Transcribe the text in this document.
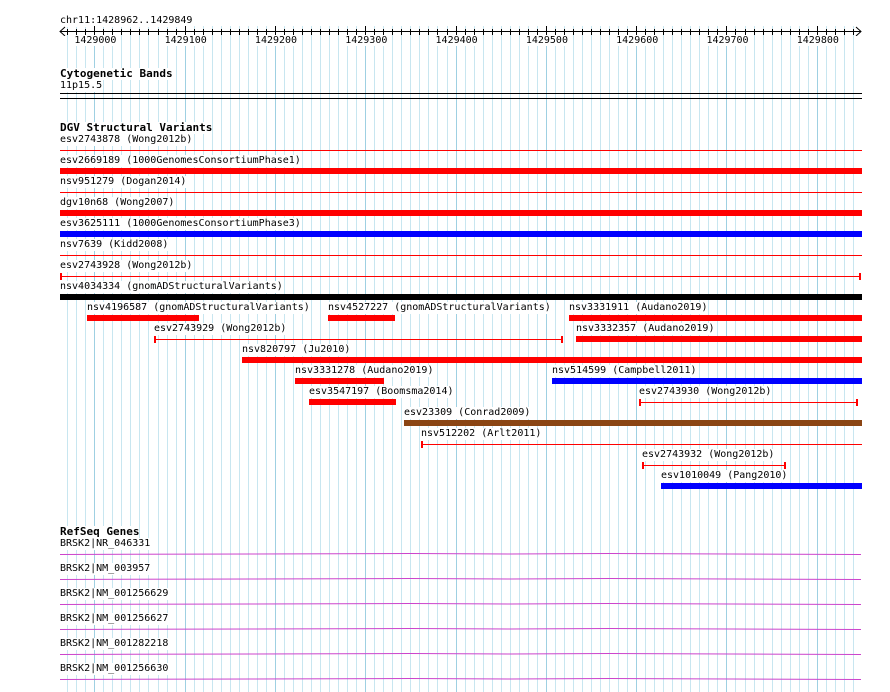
chr11:1428962..1429849
1429000	1429100	1429200	1429300	1429400	1429500	1429600	1429700	1429800
Cytogenetic Bands
11p15.5
DGV Structural Variants
esv2743878 (Wong2012b)
esv2669189 (1000GenomesConsortiumPhase1)
nsv951279 (Dogan2014)
dgv10n68 (Wong2007)
esv3625111 (1000GenomesConsortiumPhase3)
nsv7639 (Kidd2008)
esv2743928 (Wong2012b)
nsv4034334 (gnomADStructuralVariants)
nsv4196587 (gnomADStructuralVariants) nsv4527227 (gnomADStructuralVariants) nsv3331911 (Audano2019)
esv2743929 (Wong2012b)	nsv3332357 (Audano2019)
nsv820797 (Ju2010)
nsv3331278 (Audano2019)	nsv514599 (Campbell2011)
esv3547197 (Boomsma2014)	esv2743930 (Wong2012b)
esv23309 (Conrad2009)
nsv512202 (Arlt2011)
esv2743932 (Wong2012b)
esv1010049 (Pang2010)
RefSeq Genes
BRSK2|NR_046331
BRSK2|NM_003957
BRSK2|NM_001256629
BRSK2|NM_001256627
BRSK2|NM_001282218
BRSK2|NM_001256630
